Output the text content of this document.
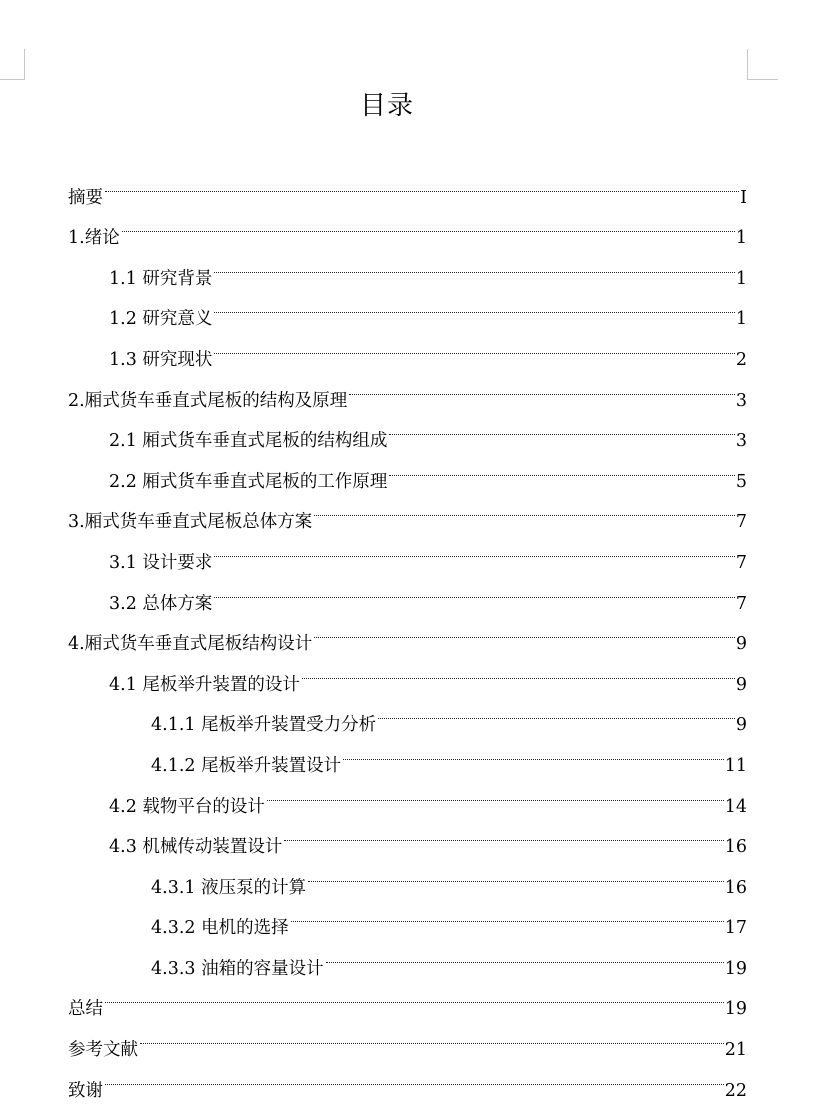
目录
摘要	I
1.绪论	1
1.1 研究背景	1
1.2 研究意义	1
1.3 研究现状	2
2.厢式货车垂直式尾板的结构及原理	3
2.1 厢式货车垂直式尾板的结构组成	3
2.2 厢式货车垂直式尾板的工作原理	5
3.厢式货车垂直式尾板总体方案	7
3.1 设计要求	7
3.2 总体方案	7
4.厢式货车垂直式尾板结构设计	9
4.1 尾板举升装置的设计	9
4.1.1 尾板举升装置受力分析	9
4.1.2 尾板举升装置设计	11
4.2 载物平台的设计	14
4.3 机械传动装置设计	16
4.3.1 液压泵的计算	16
4.3.2 电机的选择	17
4.3.3 油箱的容量设计	19
总结	19
参考文献	21
致谢	22
